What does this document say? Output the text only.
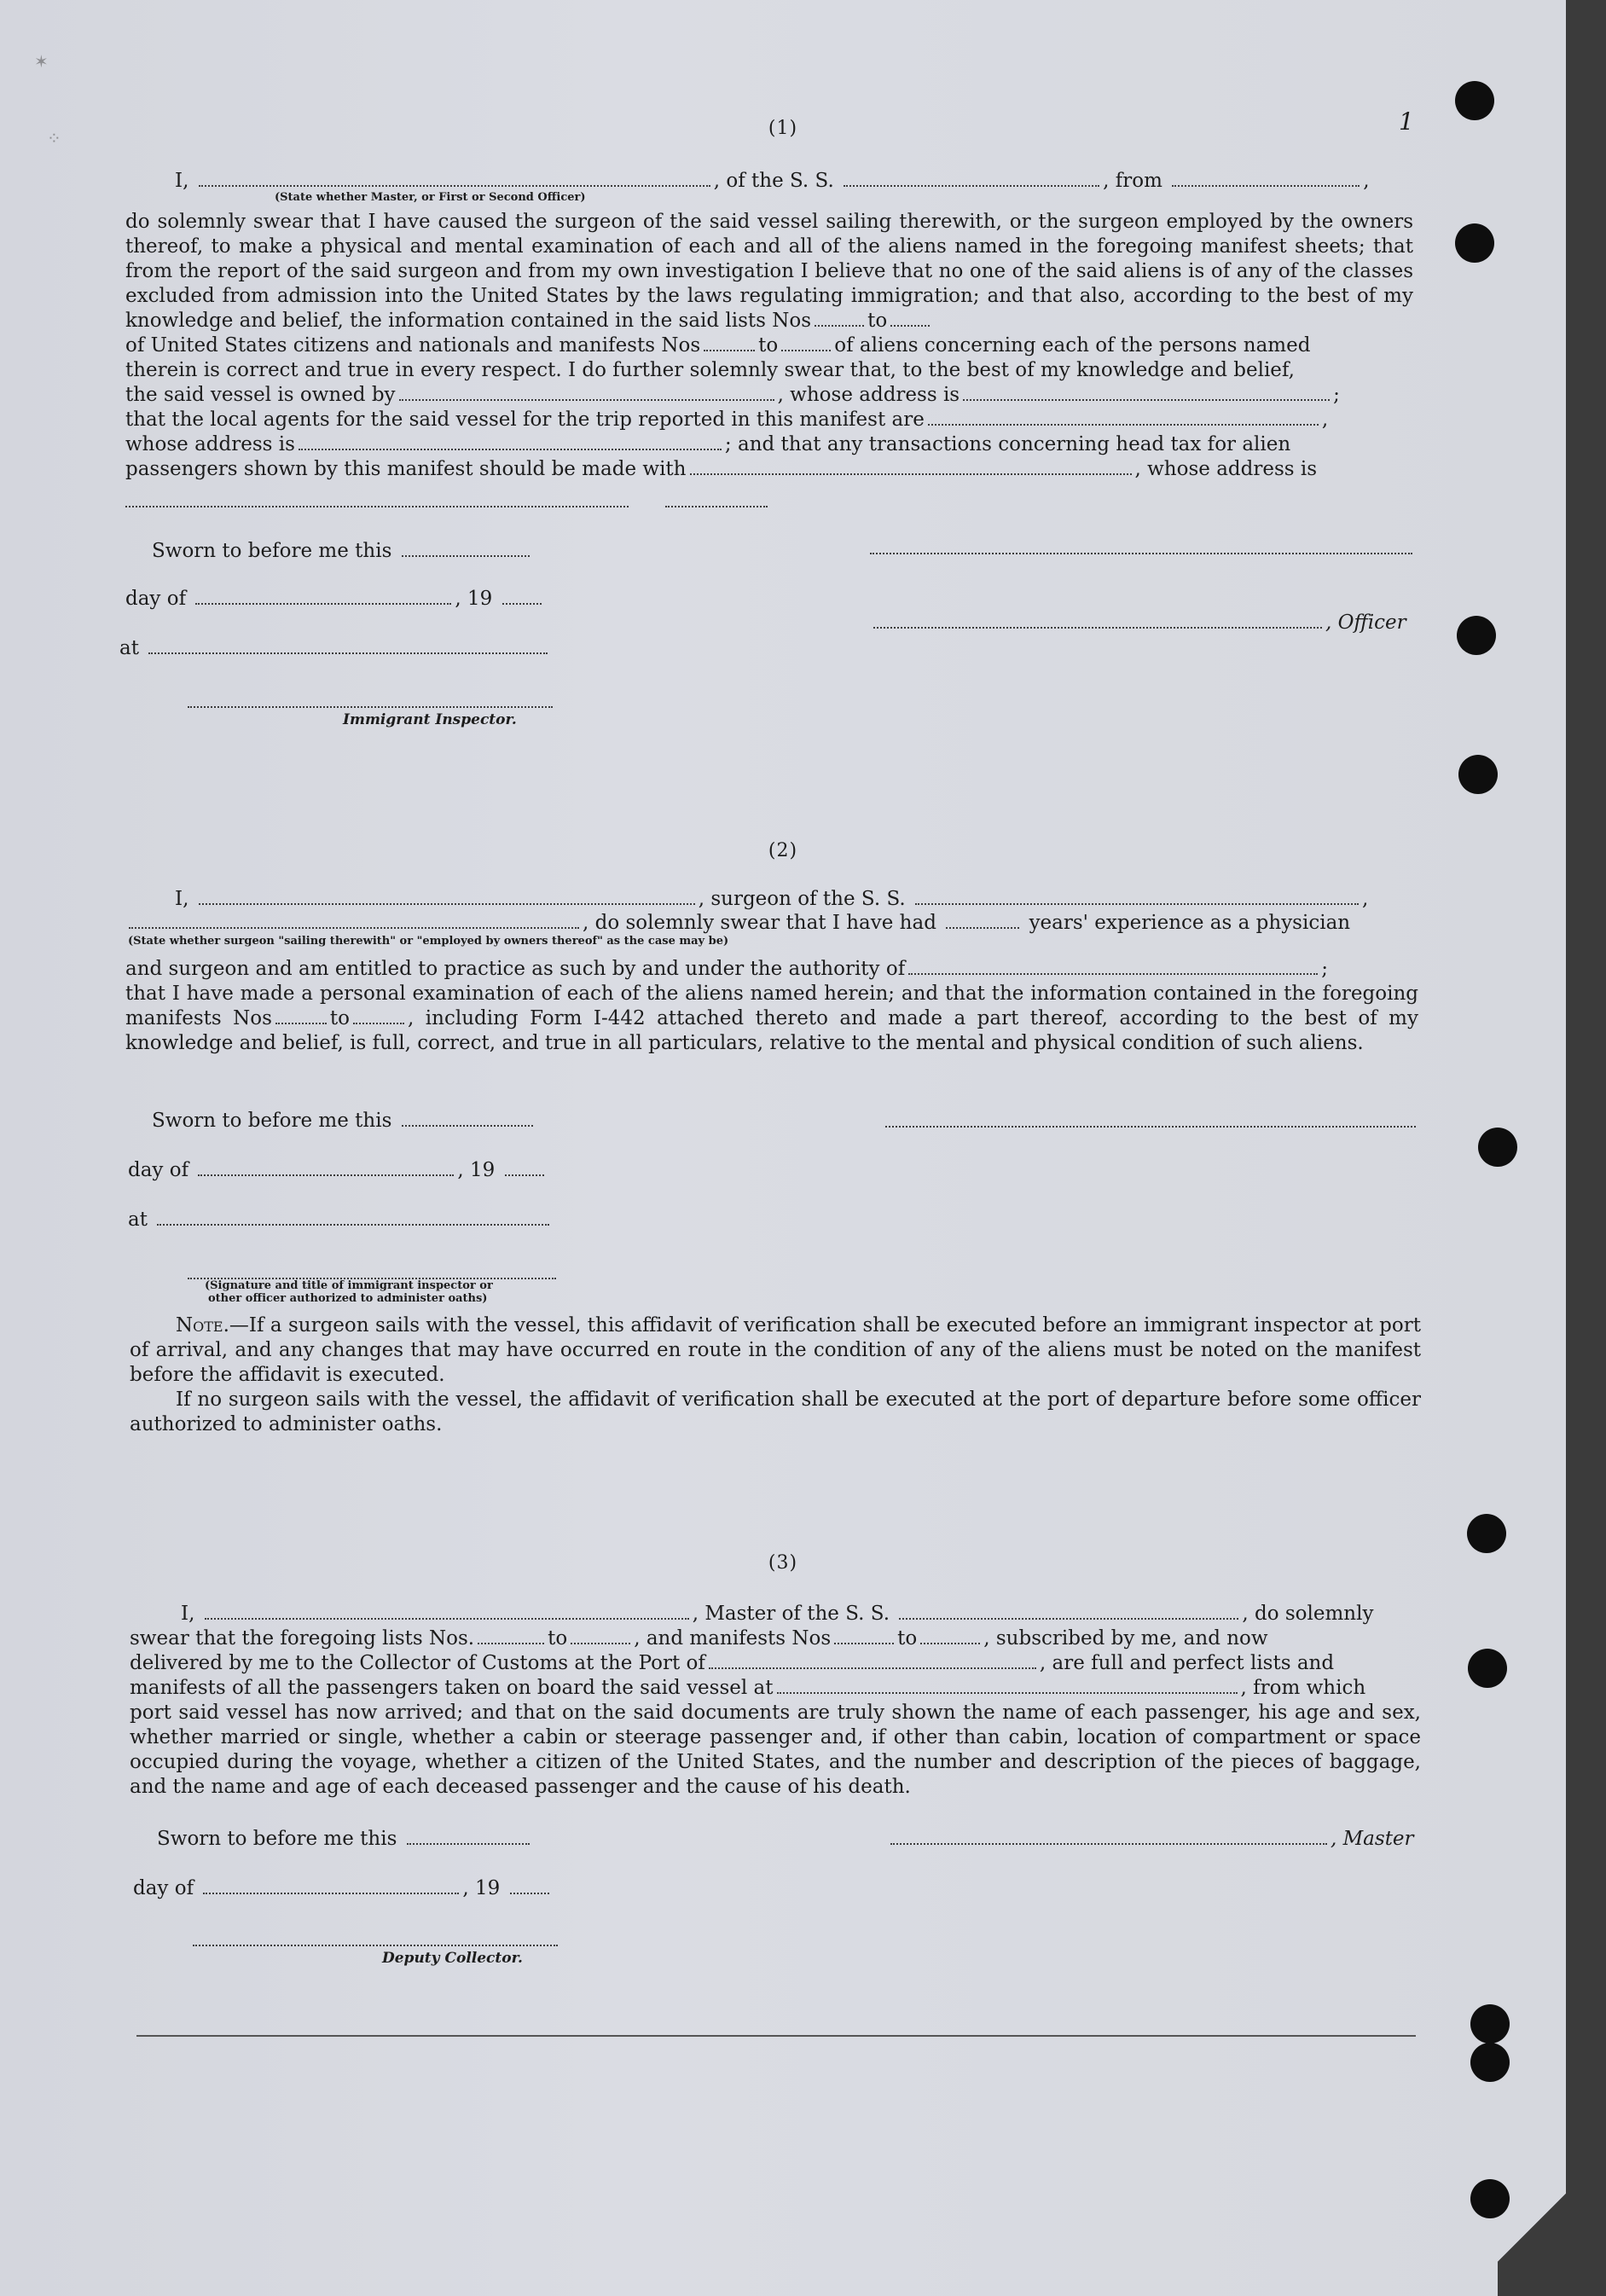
✶
⁘
1
(1)
I,	, of the S. S.	, from	,
(State whether Master, or First or Second Officer)

do solemnly swear that I have caused the surgeon of the said vessel sailing therewith, or the surgeon employed by the owners thereof, to make a physical and mental examination of each and all of the aliens named in the foregoing manifest sheets; that from the report of the said surgeon and from my own investigation I believe that no one of the said aliens is of any of the classes excluded from admission into the United States by the laws regulating immigration; and that also, according to the best of my knowledge and belief, the information contained in the said lists Nos	to

of United States citizens and nationals and manifests Nos	to	of aliens concerning each of the persons named

therein is correct and true in every respect. I do further solemnly swear that, to the best of my knowledge and belief,

the said vessel is owned by	, whose address is	;

that the local agents for the said vessel for the trip reported in this manifest are	,

whose address is	; and that any transactions concerning head tax for alien

passengers shown by this manifest should be made with	, whose address is

Sworn to before me this
day of	, 19
, Officer
at
Immigrant Inspector.
(2)
I,	, surgeon of the S. S.	,
, do solemnly swear that I have had	years' experience as a physician
(State whether surgeon "sailing therewith" or "employed by owners thereof" as the case may be)

and surgeon and am entitled to practice as such by and under the authority of	;

that I have made a personal examination of each of the aliens named herein; and that the information contained in the foregoing manifests Nos	to	, including Form I-442 attached thereto and made a part thereof, according to the best of my knowledge and belief, is full, correct, and true in all particulars, relative to the mental and physical condition of such aliens.

Sworn to before me this
day of	, 19
at
(Signature and title of immigrant inspector or
other officer authorized to administer oaths)

Note.—If a surgeon sails with the vessel, this affidavit of verification shall be executed before an immigrant inspector at port of arrival, and any changes that may have occurred en route in the condition of any of the aliens must be noted on the manifest before the affidavit is executed.

If no surgeon sails with the vessel, the affidavit of verification shall be executed at the port of departure before some officer authorized to administer oaths.

(3)
I,	, Master of the S. S.	, do solemnly

swear that the foregoing lists Nos.	to	, and manifests Nos	to	, subscribed by me, and now

delivered by me to the Collector of Customs at the Port of	, are full and perfect lists and

manifests of all the passengers taken on board the said vessel at	, from which

port said vessel has now arrived; and that on the said documents are truly shown the name of each passenger, his age and sex, whether married or single, whether a cabin or steerage passenger and, if other than cabin, location of compartment or space occupied during the voyage, whether a citizen of the United States, and the number and description of the pieces of baggage, and the name and age of each deceased passenger and the cause of his death.

Sworn to before me this	, Master
day of	, 19
Deputy Collector.
